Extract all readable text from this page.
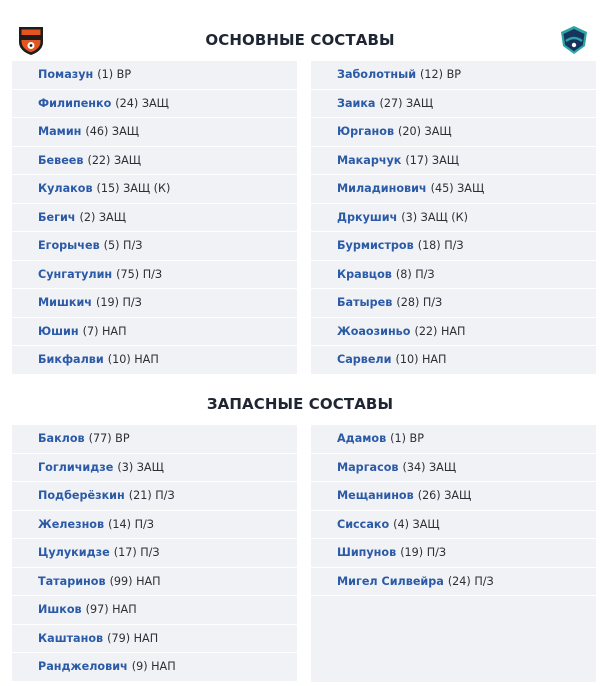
ОСНОВНЫЕ СОСТАВЫ
Помазун (1) ВР
Филипенко (24) ЗАЩ
Мамин (46) ЗАЩ
Бевеев (22) ЗАЩ
Кулаков (15) ЗАЩ (К)
Бегич (2) ЗАЩ
Егорычев (5) П/З
Сунгатулин (75) П/З
Мишкич (19) П/З
Юшин (7) НАП
Бикфалви (10) НАП
Заболотный (12) ВР
Заика (27) ЗАЩ
Юрганов (20) ЗАЩ
Макарчук (17) ЗАЩ
Миладинович (45) ЗАЩ
Дркушич (3) ЗАЩ (К)
Бурмистров (18) П/З
Кравцов (8) П/З
Батырев (28) П/З
Жоаозиньо (22) НАП
Сарвели (10) НАП
ЗАПАСНЫЕ СОСТАВЫ
Баклов (77) ВР
Гогличидзе (3) ЗАЩ
Подберёзкин (21) П/З
Железнов (14) П/З
Цулукидзе (17) П/З
Татаринов (99) НАП
Ишков (97) НАП
Каштанов (79) НАП
Ранджелович (9) НАП
Адамов (1) ВР
Маргасов (34) ЗАЩ
Мещанинов (26) ЗАЩ
Сиссако (4) ЗАЩ
Шипунов (19) П/З
Мигел Силвейра (24) П/З
